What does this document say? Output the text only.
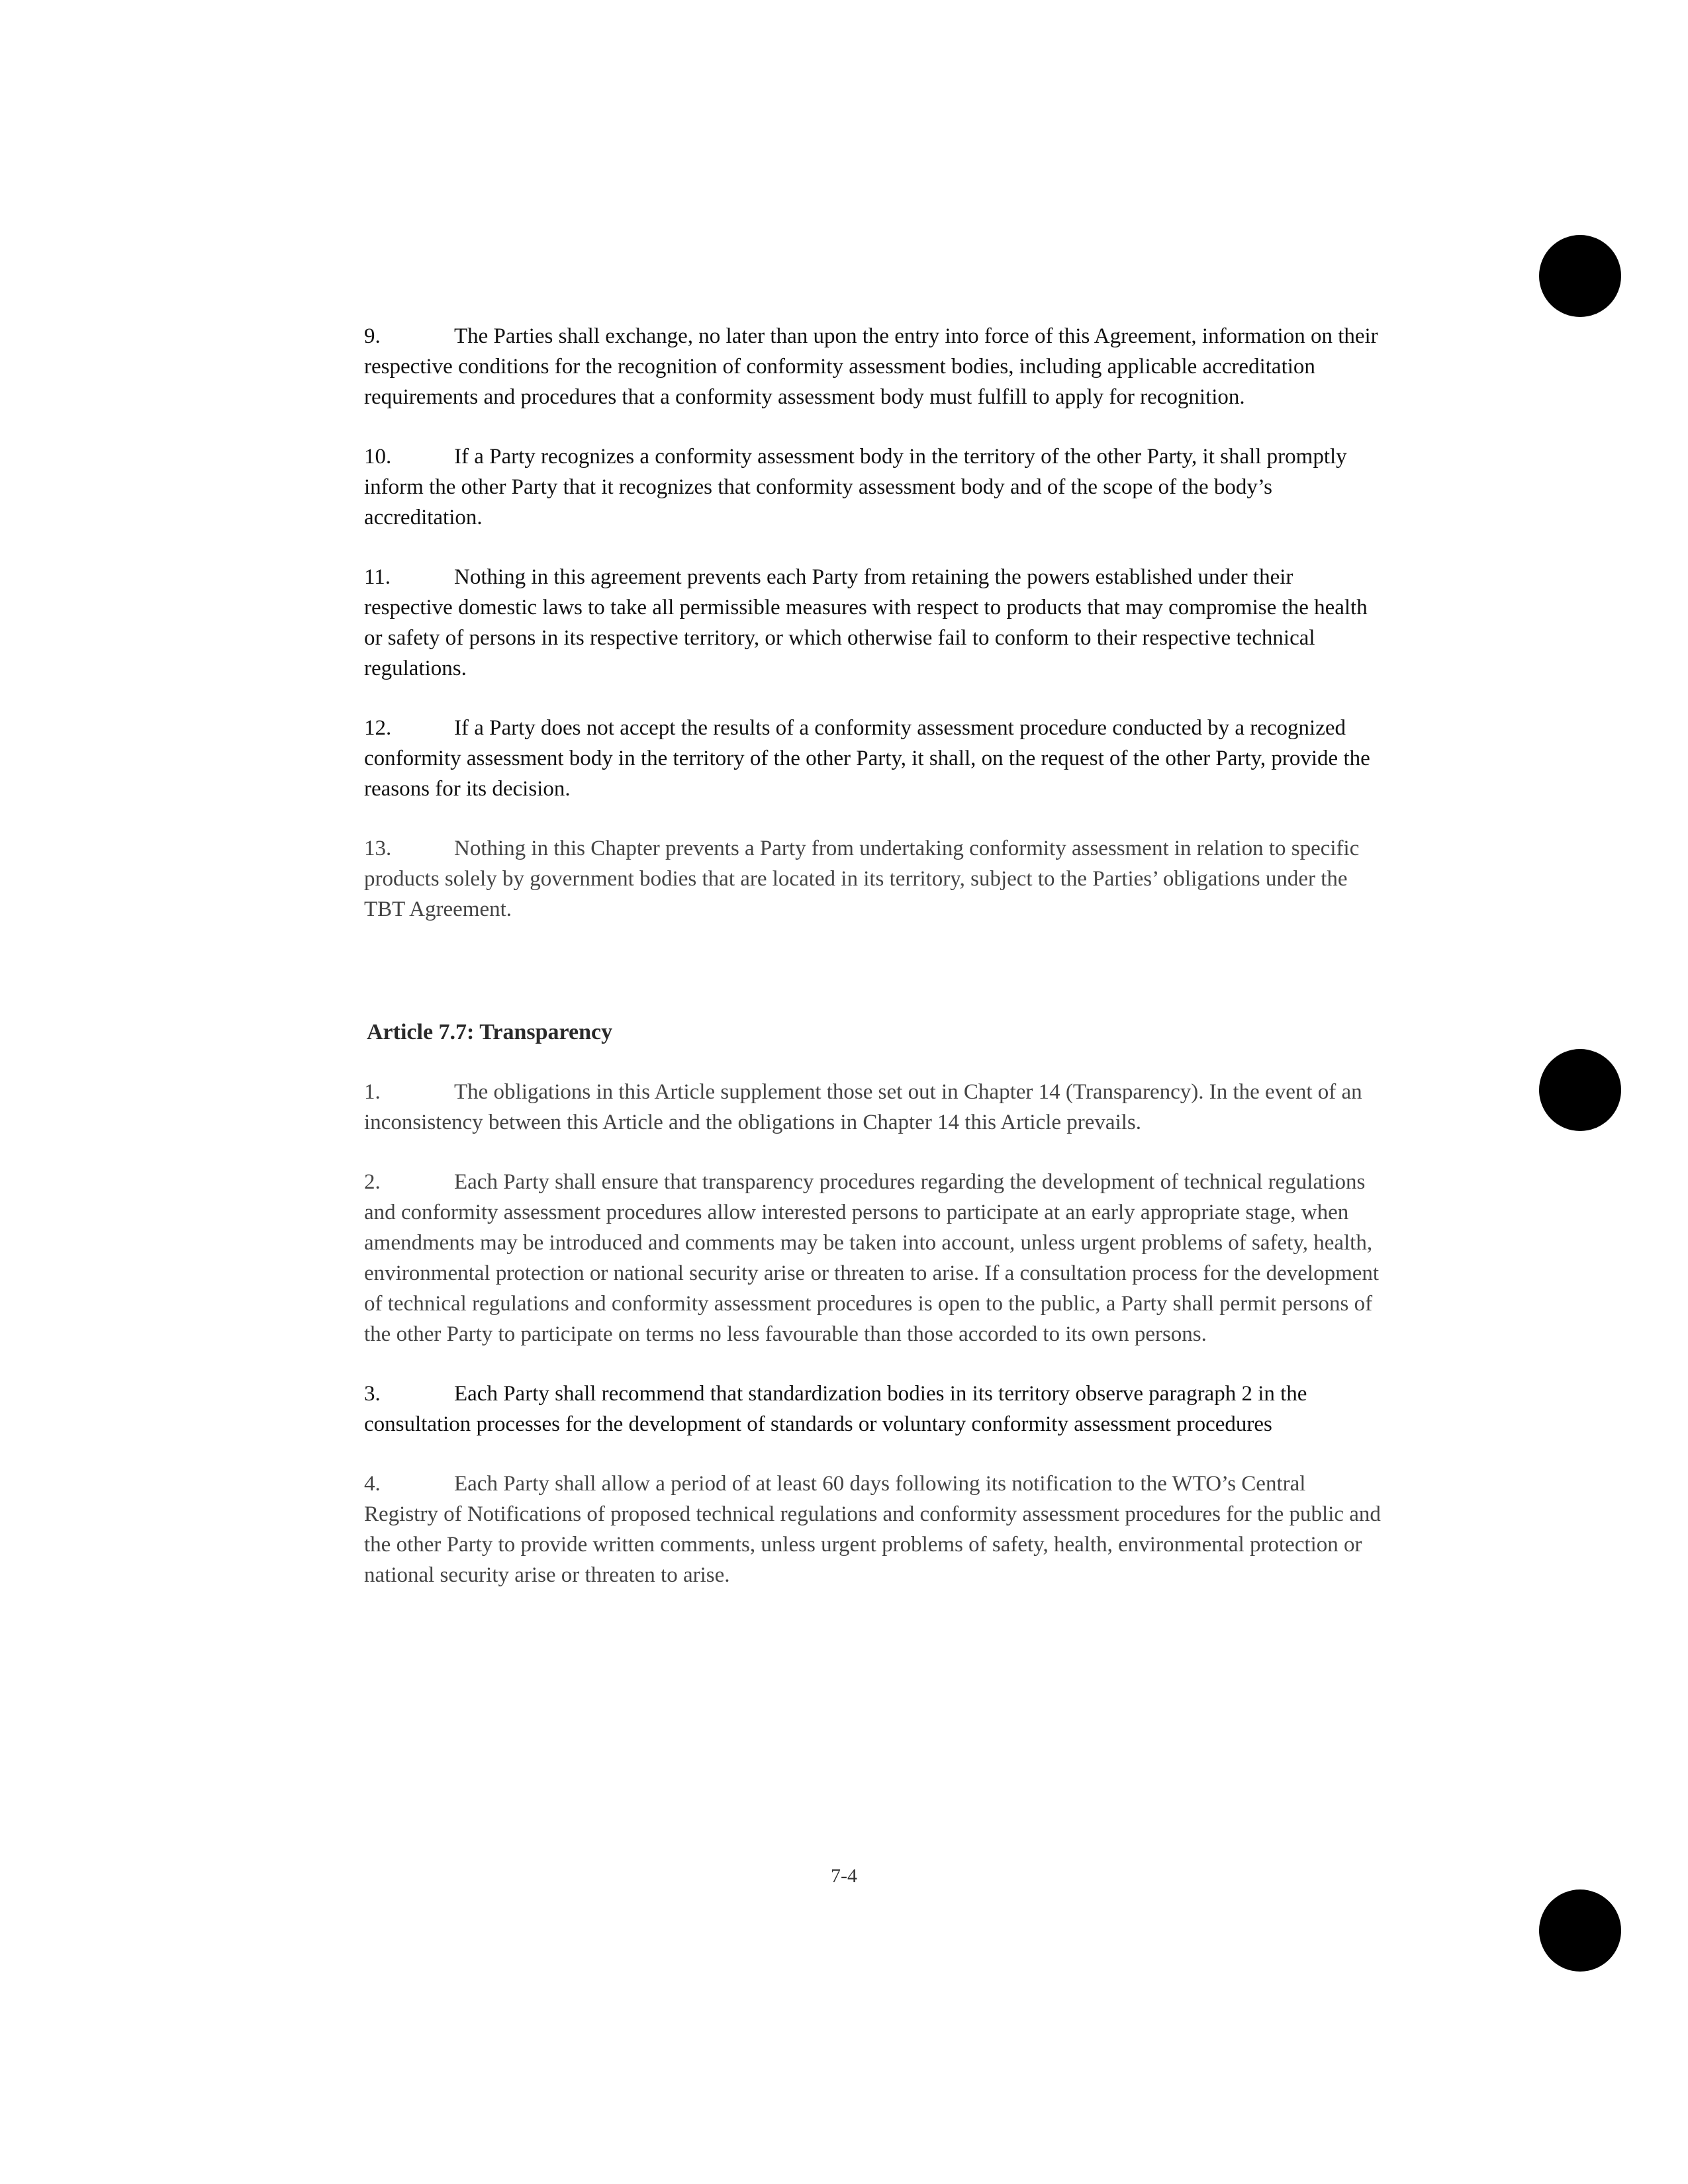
9.	The Parties shall exchange, no later than upon the entry into force of this Agreement, information on their respective conditions for the recognition of conformity assessment bodies, including applicable accreditation requirements and procedures that a conformity assessment body must fulfill to apply for recognition.

10.	If a Party recognizes a conformity assessment body in the territory of the other Party, it shall promptly inform the other Party that it recognizes that conformity assessment body and of the scope of the body’s accreditation.

11.	Nothing in this agreement prevents each Party from retaining the powers established under their respective domestic laws to take all permissible measures with respect to products that may compromise the health or safety of persons in its respective territory, or which otherwise fail to conform to their respective technical regulations.

12.	If a Party does not accept the results of a conformity assessment procedure conducted by a recognized conformity assessment body in the territory of the other Party, it shall, on the request of the other Party, provide the reasons for its decision.

13.	Nothing in this Chapter prevents a Party from undertaking conformity assessment in relation to specific products solely by government bodies that are located in its territory, subject to the Parties’ obligations under the TBT Agreement.

Article 7.7: Transparency

1.	The obligations in this Article supplement those set out in Chapter 14 (Transparency). In the event of an inconsistency between this Article and the obligations in Chapter 14 this Article prevails.

2.	Each Party shall ensure that transparency procedures regarding the development of technical regulations and conformity assessment procedures allow interested persons to participate at an early appropriate stage, when amendments may be introduced and comments may be taken into account, unless urgent problems of safety, health, environmental protection or national security arise or threaten to arise. If a consultation process for the development of technical regulations and conformity assessment procedures is open to the public, a Party shall permit persons of the other Party to participate on terms no less favourable than those accorded to its own persons.

3.	Each Party shall recommend that standardization bodies in its territory observe paragraph 2 in the consultation processes for the development of standards or voluntary conformity assessment procedures

4.	Each Party shall allow a period of at least 60 days following its notification to the WTO’s Central Registry of Notifications of proposed technical regulations and conformity assessment procedures for the public and the other Party to provide written comments, unless urgent problems of safety, health, environmental protection or national security arise or threaten to arise.

7-4
